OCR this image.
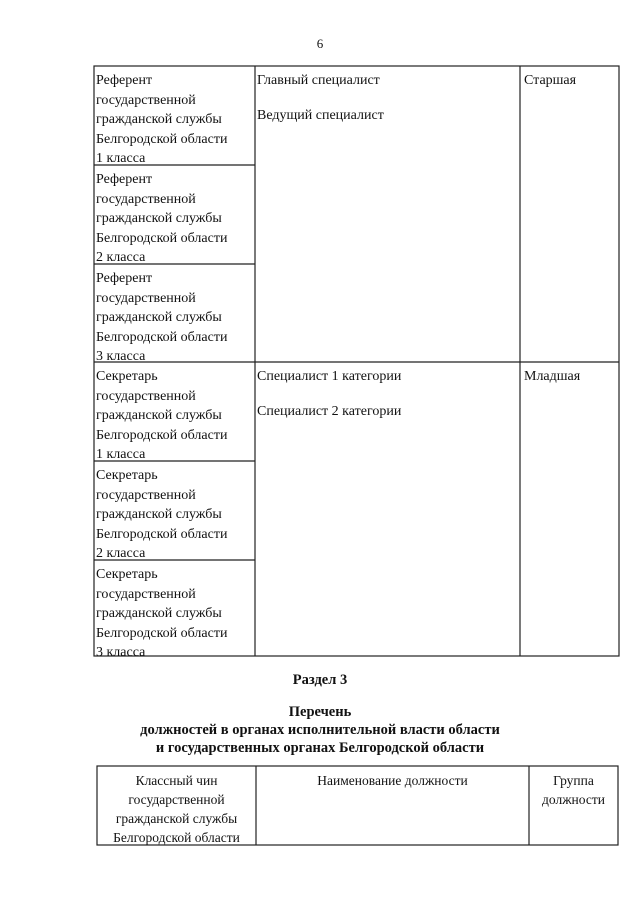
6
Референт
государственной
гражданской службы
Белгородской области
1 класса
Референт
государственной
гражданской службы
Белгородской области
2 класса
Референт
государственной
гражданской службы
Белгородской области
3 класса
Секретарь
государственной
гражданской службы
Белгородской области
1 класса
Секретарь
государственной
гражданской службы
Белгородской области
2 класса
Секретарь
государственной
гражданской службы
Белгородской области
3 класса
Главный специалист
Ведущий специалист
Специалист 1 категории
Специалист 2 категории
Старшая
Младшая
Раздел 3
Перечень
должностей в органах исполнительной власти области
и государственных органах Белгородской области
Классный чин
государственной
гражданской службы
Белгородской области
Наименование должности	Группа
должности
